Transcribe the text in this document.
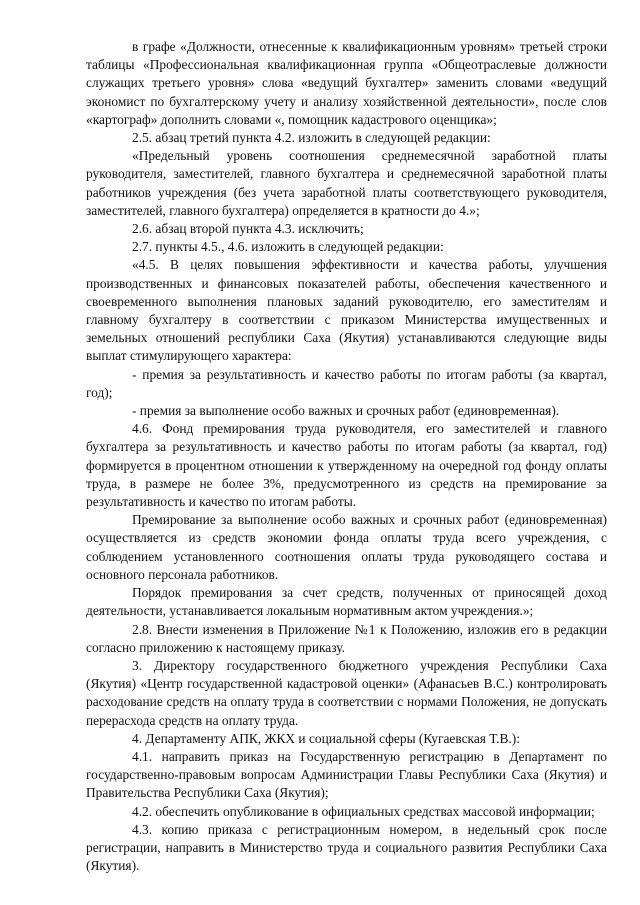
в графе «Должности, отнесенные к квалификационным уровням» третьей строки таблицы «Профессиональная квалификационная группа «Общеотраслевые должности служащих третьего уровня» слова «ведущий бухгалтер» заменить словами «ведущий экономист по бухгалтерскому учету и анализу хозяйственной деятельности», после слов «картограф» дополнить словами «, помощник кадастрового оценщика»;

2.5. абзац третий пункта 4.2. изложить в следующей редакции:

«Предельный уровень соотношения среднемесячной заработной платы руководителя, заместителей, главного бухгалтера и среднемесячной заработной платы работников учреждения (без учета заработной платы соответствующего руководителя, заместителей, главного бухгалтера) определяется в кратности до 4.»;

2.6. абзац второй пункта 4.3. исключить;

2.7. пункты 4.5., 4.6. изложить в следующей редакции:

«4.5. В целях повышения эффективности и качества работы, улучшения производственных и финансовых показателей работы, обеспечения качественного и своевременного выполнения плановых заданий руководителю, его заместителям и главному бухгалтеру в соответствии с приказом Министерства имущественных и земельных отношений республики Саха (Якутия) устанавливаются следующие виды выплат стимулирующего характера:

- премия за результативность и качество работы по итогам работы (за квартал, год);

- премия за выполнение особо важных и срочных работ (единовременная).

4.6. Фонд премирования труда руководителя, его заместителей и главного бухгалтера за результативность и качество работы по итогам работы (за квартал, год) формируется в процентном отношении к утвержденному на очередной год фонду оплаты труда, в размере не более 3%, предусмотренного из средств на премирование за результативность и качество по итогам работы.

Премирование за выполнение особо важных и срочных работ (единовременная) осуществляется из средств экономии фонда оплаты труда всего учреждения, с соблюдением установленного соотношения оплаты труда руководящего состава и основного персонала работников.

Порядок премирования за счет средств, полученных от приносящей доход деятельности, устанавливается локальным нормативным актом учреждения.»;

2.8. Внести изменения в Приложение №1 к Положению, изложив его в редакции согласно приложению к настоящему приказу.

3. Директору государственного бюджетного учреждения Республики Саха (Якутия) «Центр государственной кадастровой оценки» (Афанасьев В.С.) контролировать расходование средств на оплату труда в соответствии с нормами Положения, не допускать перерасхода средств на оплату труда.

4. Департаменту АПК, ЖКХ и социальной сферы (Кугаевская Т.В.):

4.1. направить приказ на Государственную регистрацию в Департамент по государственно-правовым вопросам Администрации Главы Республики Саха (Якутия) и Правительства Республики Саха (Якутия);

4.2. обеспечить опубликование в официальных средствах массовой информации;

4.3. копию приказа с регистрационным номером, в недельный срок после регистрации, направить в Министерство труда и социального развития Республики Саха (Якутия).
